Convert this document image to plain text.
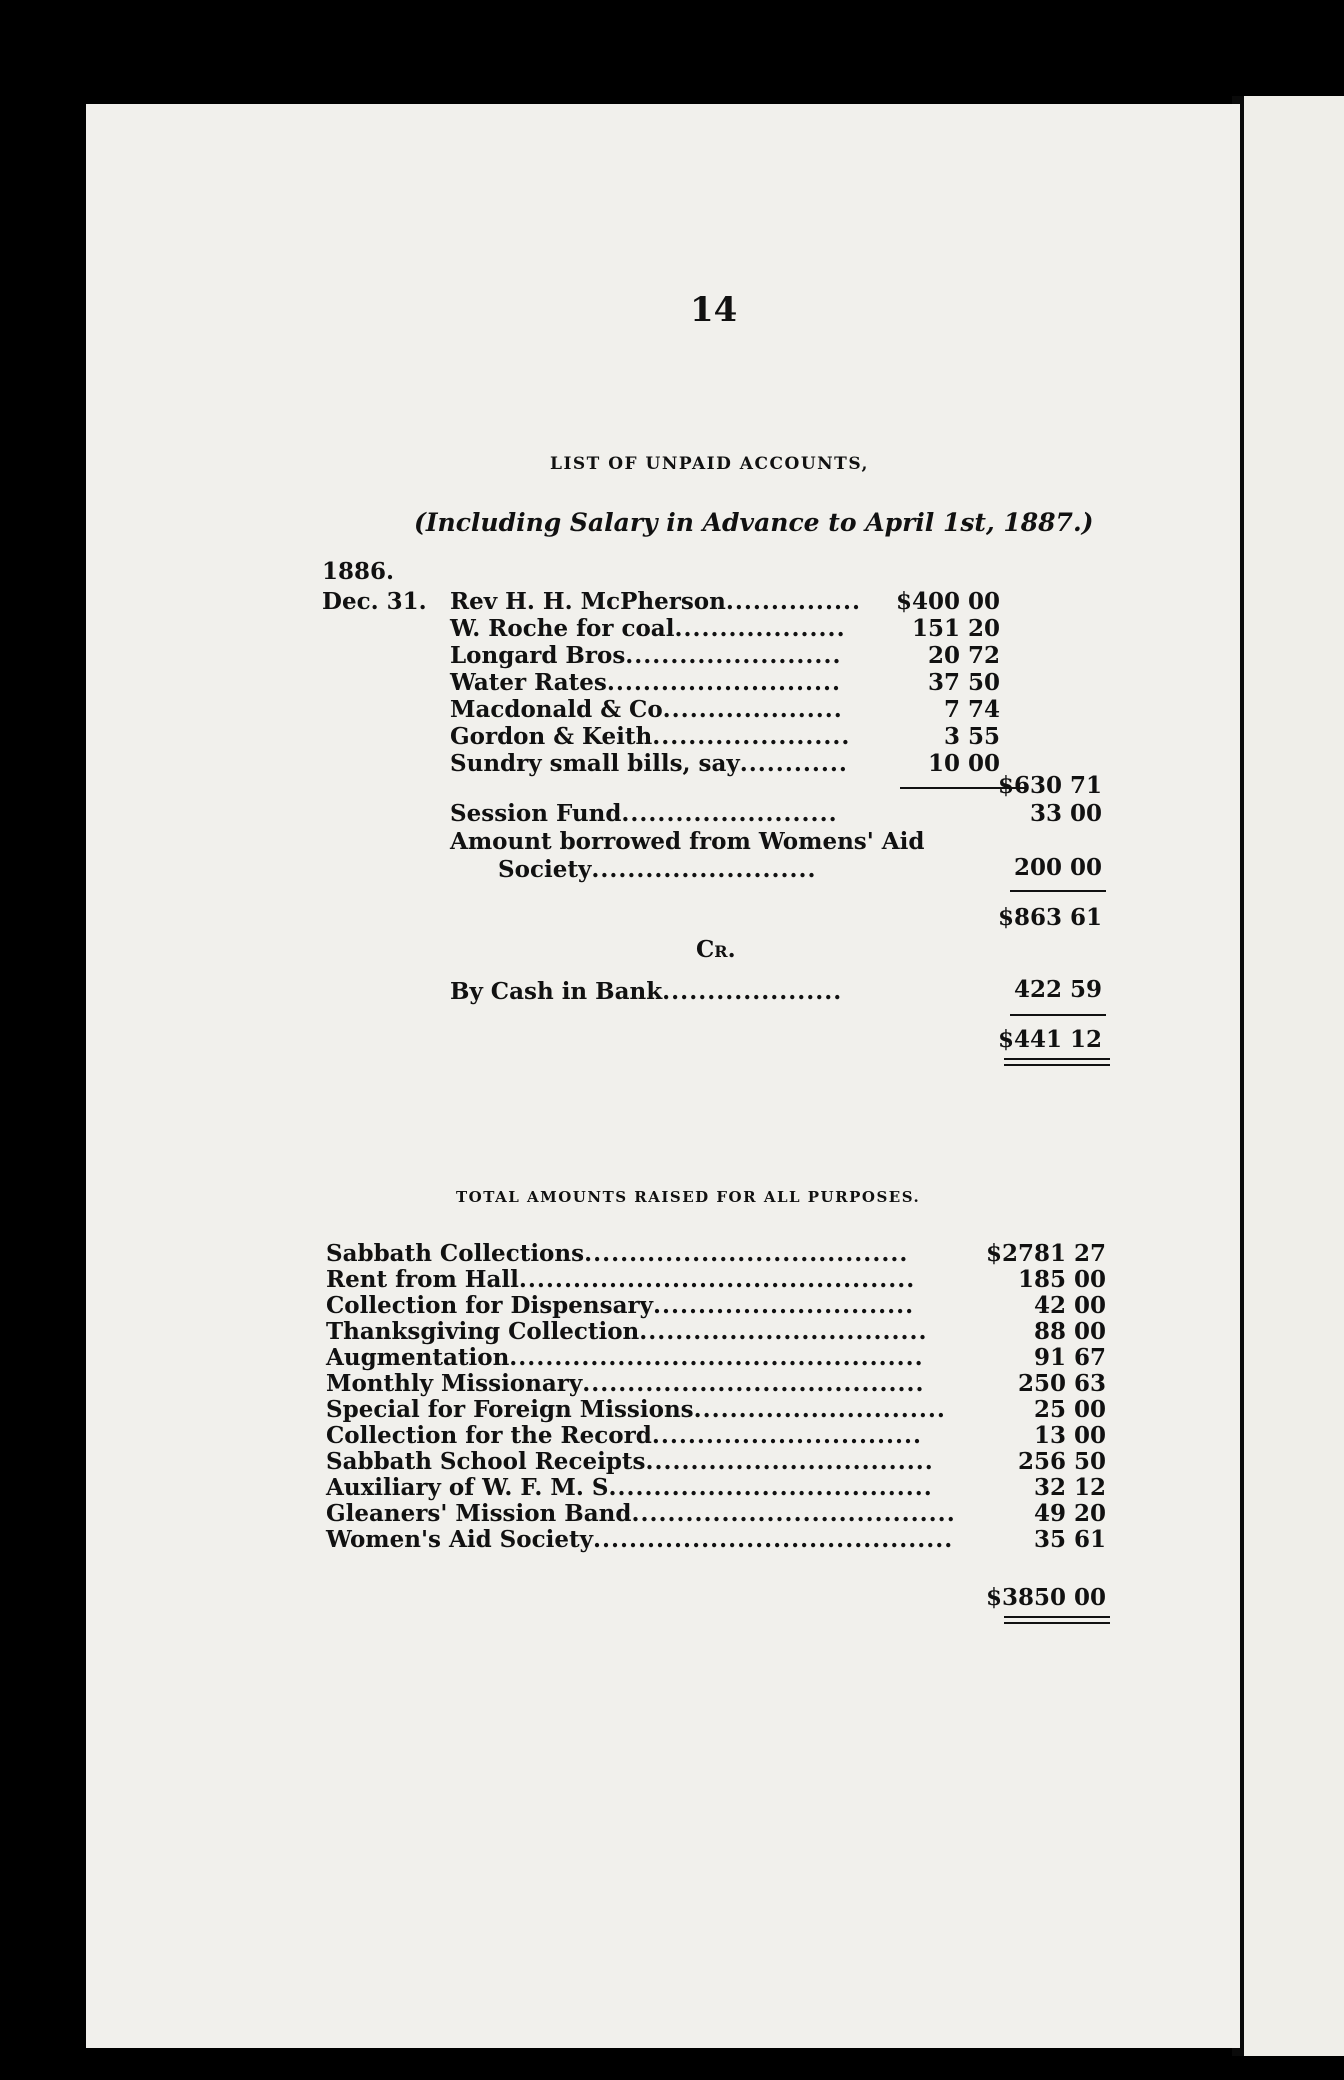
14
LIST OF UNPAID ACCOUNTS,
(Including Salary in Advance to April 1st, 1887.)
1886.
Dec. 31. Rev H. H. McPherson...............	$400 00
W. Roche for coal...................	151 20
Longard Bros........................	20 72
Water Rates..........................	37 50
Macdonald & Co....................	7 74
Gordon & Keith......................	3 55
Sundry small bills, say............	10 00
$630 71
Session Fund........................	33 00
Amount borrowed from Womens' Aid
Society.........................	200 00
$863 61
Cr.
By Cash in Bank....................	422 59
$441 12
TOTAL AMOUNTS RAISED FOR ALL PURPOSES.
Sabbath Collections....................................	$2781 27
Rent from Hall............................................	185 00
Collection for Dispensary.............................	42 00
Thanksgiving Collection................................	88 00
Augmentation..............................................	91 67
Monthly Missionary......................................	250 63
Special for Foreign Missions............................	25 00
Collection for the Record..............................	13 00
Sabbath School Receipts................................	256 50
Auxiliary of W. F. M. S....................................	32 12
Gleaners' Mission Band....................................	49 20
Women's Aid Society........................................	35 61
$3850 00
